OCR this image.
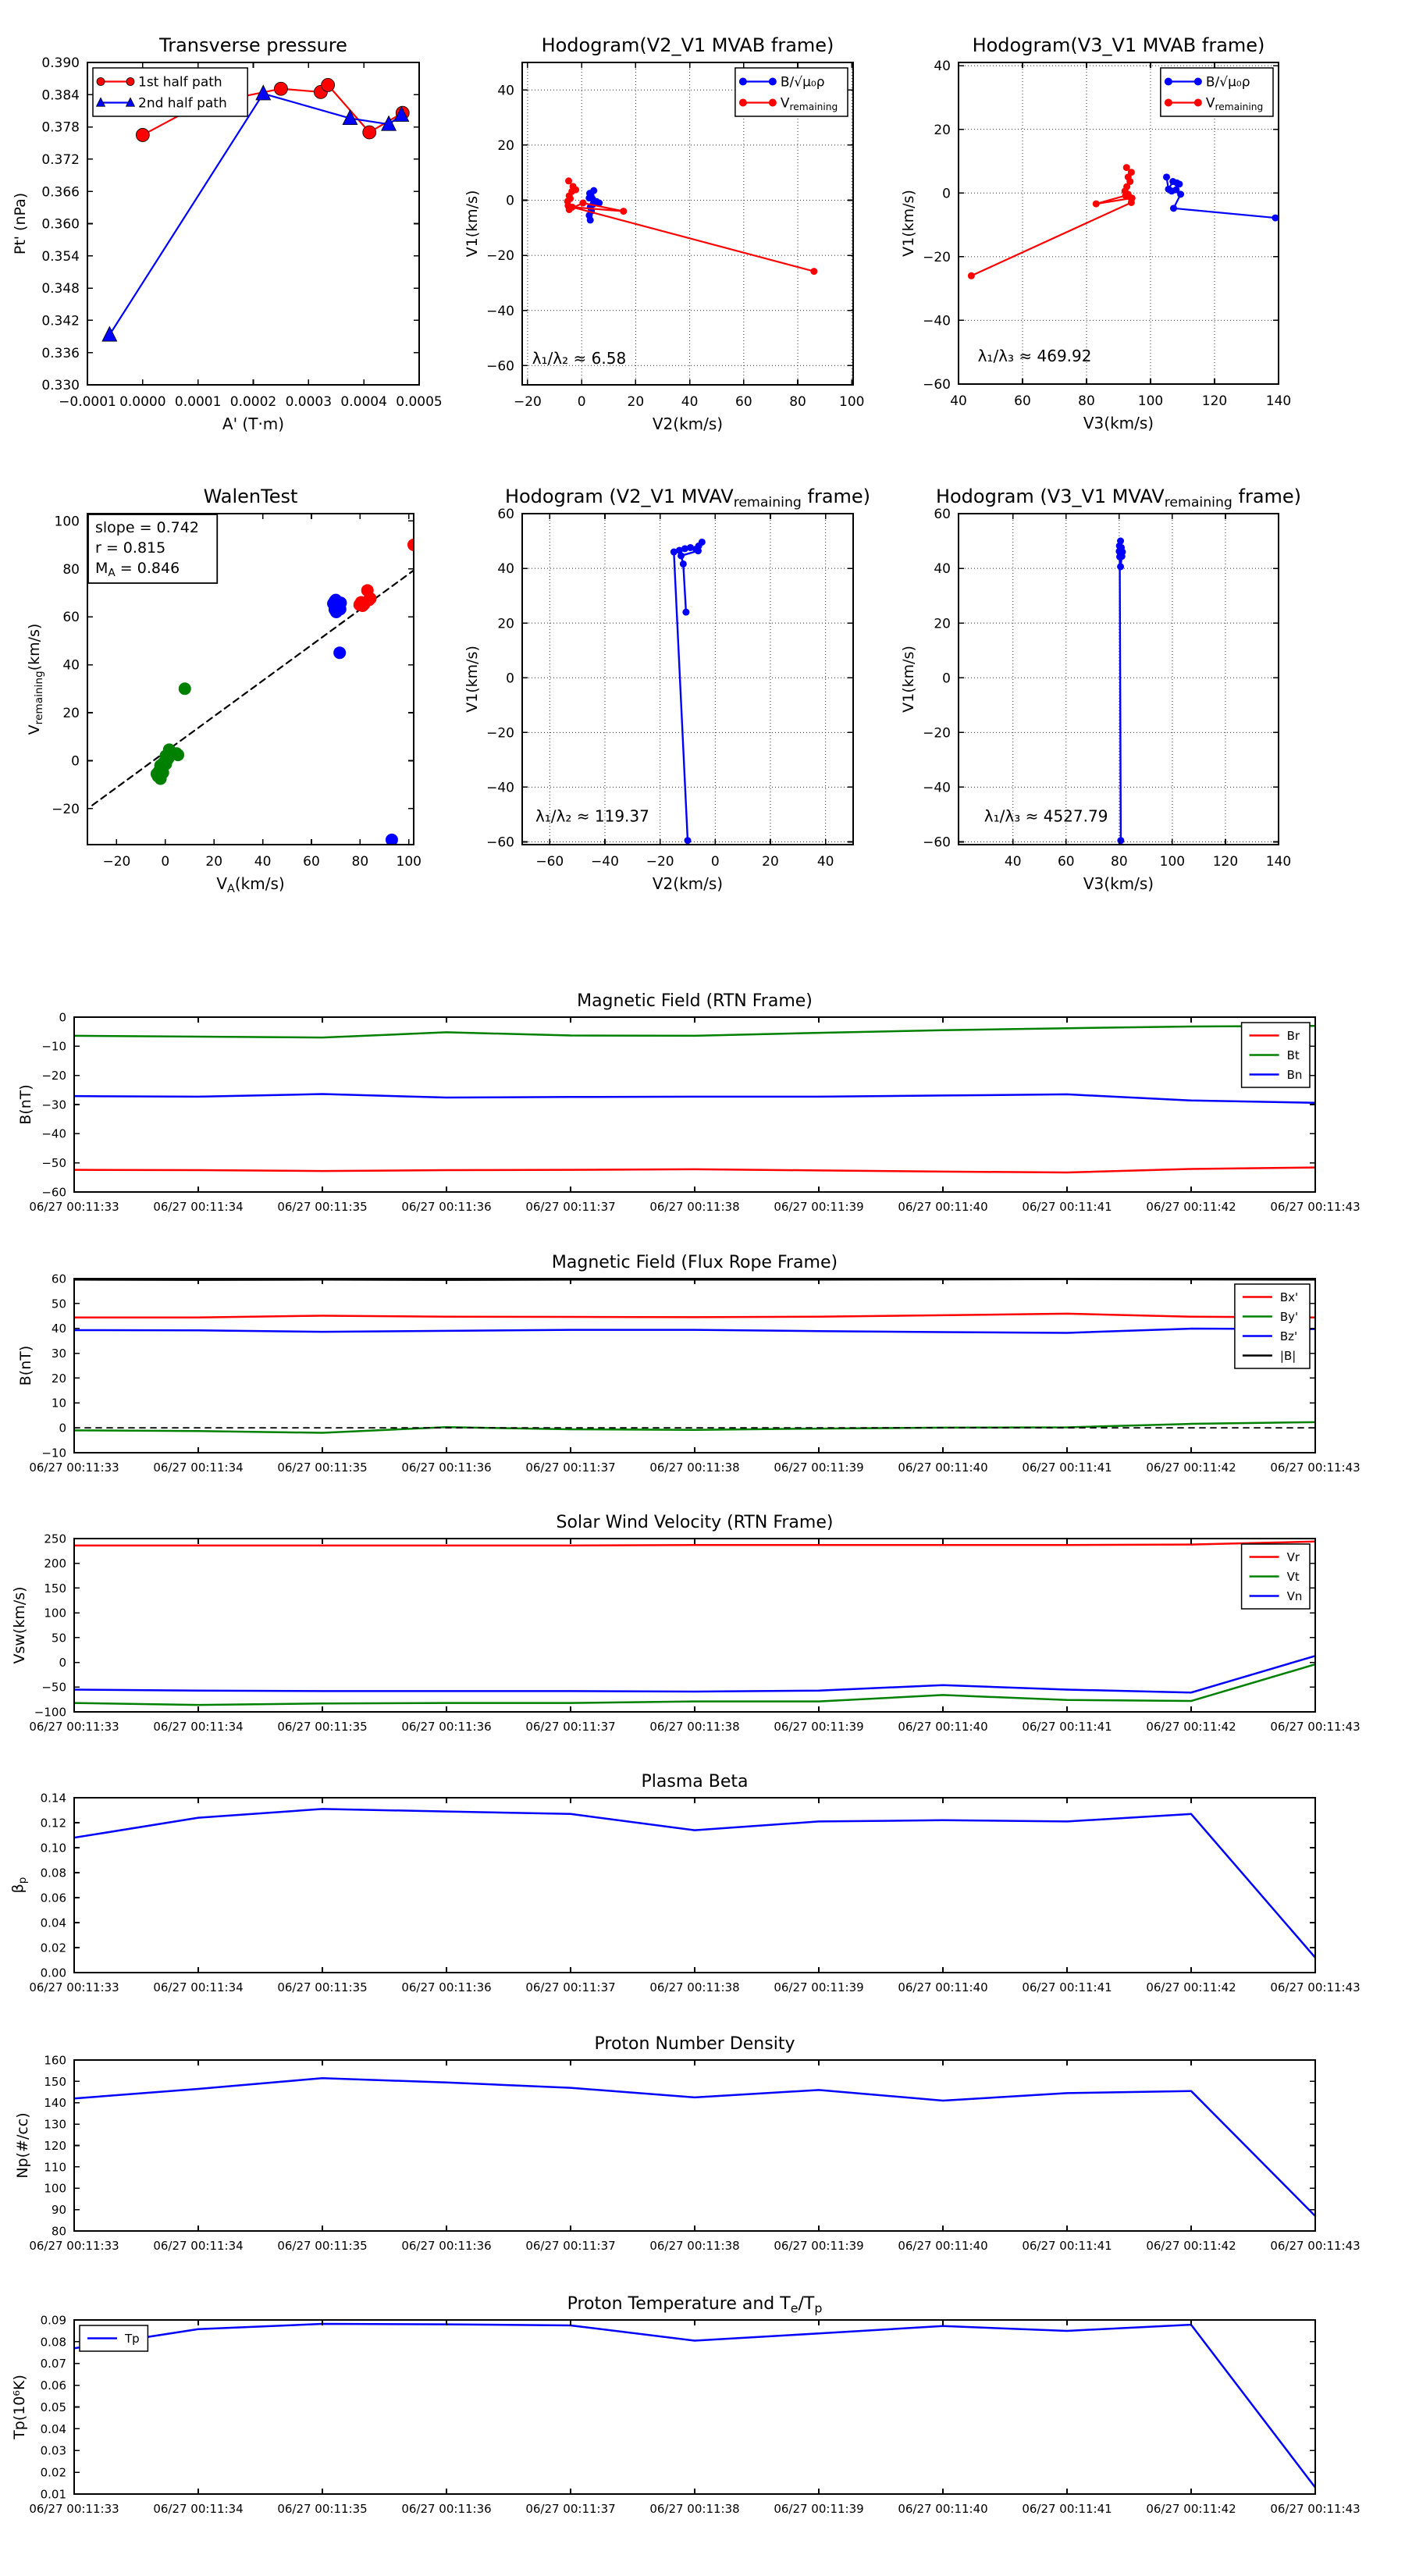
−0.0001 0.0000 0.0001 0.0002 0.0003 0.0004 0.0005
0.330
0.336
0.342
0.348
0.354
0.360
0.366
0.372
0.378
0.384
0.390
Transverse pressure
A' (T·m)
Pt' (nPa)
1st half path
2nd half path
−20	0	20	40	60	80 100
−60
−40
−20
0
20
40
Hodogram(V2_V1 MVAB frame)
V2(km/s)
V1(km/s)
B/√μ₀ρ
$V_{remaining}$
λ₁/λ₂ ≈ 6.58
40	60	80	100	120	140
−60
−40
−20
0
20
40
Hodogram(V3_V1 MVAB frame)
V3(km/s)
V1(km/s)
B/√μ₀ρ
$V_{remaining}$
λ₁/λ₃ ≈ 469.92
−20 0	20 40 60 80 100
−20
0
20
40
60
80
100
WalenTest
$V_A(km/s)$
$V_{remaining}(km/s)$
slope = 0.742
r = 0.815
$M_A = 0.846$
−60 −40 −20	0	20	40
−60
−40
−20
0
20
40
60
Hodogram (V2_V1 $MVAV_{remaining}$ frame)
V2(km/s)
V1(km/s)
λ₁/λ₂ ≈ 119.37
40	60	80 100 120 140
−60
−40
−20
0
20
40
60
Hodogram (V3_V1 $MVAV_{remaining}$ frame)
V3(km/s)
V1(km/s)
λ₁/λ₃ ≈ 4527.79
06/27 00:11:33	06/27 00:11:34	06/27 00:11:35	06/27 00:11:36	06/27 00:11:37	06/27 00:11:38	06/27 00:11:39	06/27 00:11:40	06/27 00:11:41	06/27 00:11:42	06/27 00:11:43
−60
−50
−40
−30
−20
−10
0
Magnetic Field (RTN Frame)
B(nT)
Br
Bt
Bn
06/27 00:11:33	06/27 00:11:34	06/27 00:11:35	06/27 00:11:36	06/27 00:11:37	06/27 00:11:38	06/27 00:11:39	06/27 00:11:40	06/27 00:11:41	06/27 00:11:42	06/27 00:11:43
−10
0
10
20
30
40
50
60
Magnetic Field (Flux Rope Frame)
B(nT)
Bx'
By'
Bz'
|B|
06/27 00:11:33	06/27 00:11:34	06/27 00:11:35	06/27 00:11:36	06/27 00:11:37	06/27 00:11:38	06/27 00:11:39	06/27 00:11:40	06/27 00:11:41	06/27 00:11:42	06/27 00:11:43
−100
−50
0
50
100
150
200
250
Solar Wind Velocity (RTN Frame)
Vsw(km/s)
Vr
Vt
Vn
06/27 00:11:33	06/27 00:11:34	06/27 00:11:35	06/27 00:11:36	06/27 00:11:37	06/27 00:11:38	06/27 00:11:39	06/27 00:11:40	06/27 00:11:41	06/27 00:11:42	06/27 00:11:43
0.00
0.02
0.04
0.06
0.08
0.10
0.12
0.14
Plasma Beta
$\beta_p$
06/27 00:11:33	06/27 00:11:34	06/27 00:11:35	06/27 00:11:36	06/27 00:11:37	06/27 00:11:38	06/27 00:11:39	06/27 00:11:40	06/27 00:11:41	06/27 00:11:42	06/27 00:11:43
80
90
100
110
120
130
140
150
160
Proton Number Density
Np(#/cc)
06/27 00:11:33	06/27 00:11:34	06/27 00:11:35	06/27 00:11:36	06/27 00:11:37	06/27 00:11:38	06/27 00:11:39	06/27 00:11:40	06/27 00:11:41	06/27 00:11:42	06/27 00:11:43
0.01
0.02
0.03
0.04
0.05
0.06
0.07
0.08
0.09
Proton Temperature and $T_e/T_p$
Tp(10⁶K)
Tp
